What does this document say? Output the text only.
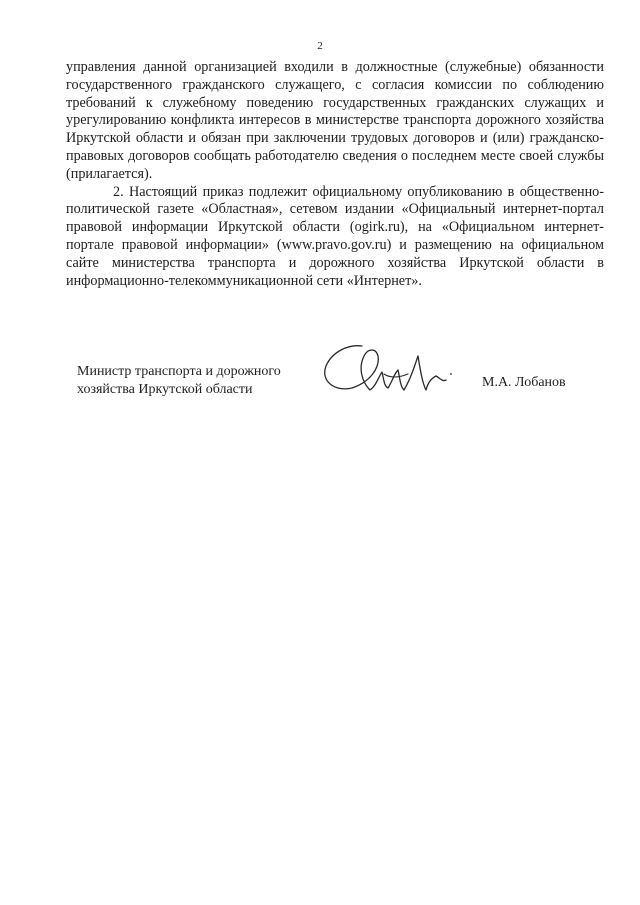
2

управления данной организацией входили в должностные (служебные) обязанности государственного гражданского служащего, с согласия комиссии по соблюдению требований к служебному поведению государственных гражданских служащих и урегулированию конфликта интересов в министерстве транспорта дорожного хозяйства Иркутской области и обязан при заключении трудовых договоров и (или) гражданско-правовых договоров сообщать работодателю сведения о последнем месте своей службы (прилагается).

2. Настоящий приказ подлежит официальному опубликованию в общественно-политической газете «Областная», сетевом издании «Официальный интернет-портал правовой информации Иркутской области (ogirk.ru), на «Официальном интернет-портале правовой информации» (www.pravo.gov.ru) и размещению на официальном сайте министерства транспорта и дорожного хозяйства Иркутской области в информационно-телекоммуникационной сети «Интернет».

Министр транспорта и дорожного
хозяйства Иркутской области	М.А. Лобанов
